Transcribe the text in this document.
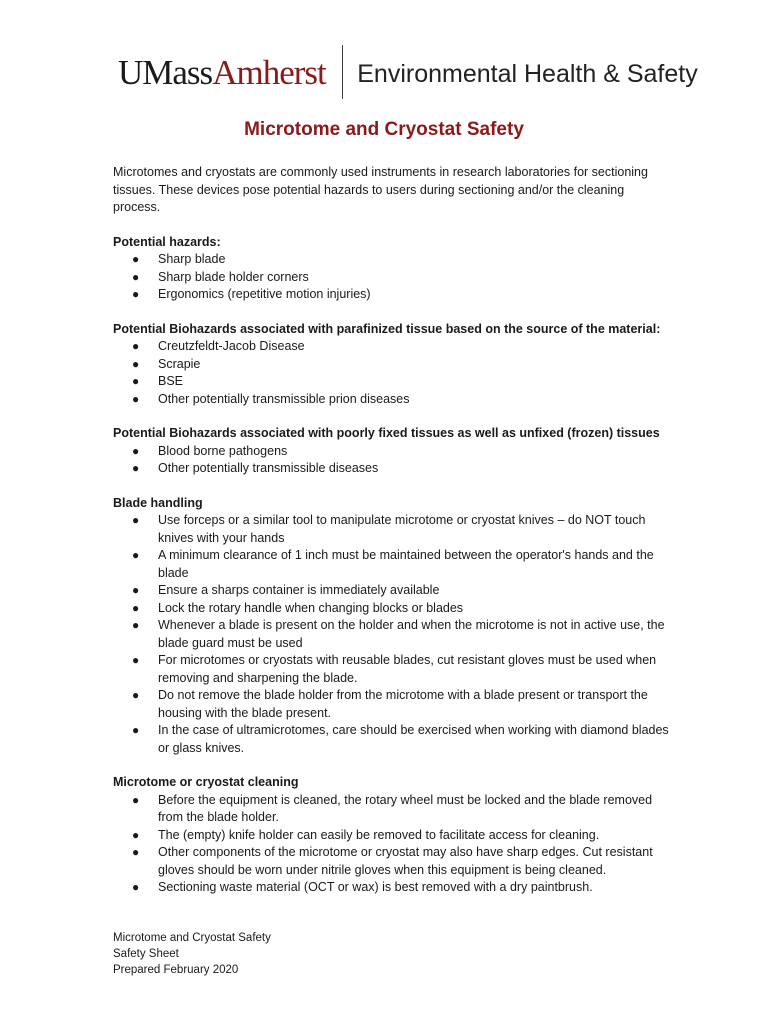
UMassAmherst Environmental Health & Safety
Microtome and Cryostat Safety

Microtomes and cryostats are commonly used instruments in research laboratories for sectioning tissues. These devices pose potential hazards to users during sectioning and/or the cleaning process.

Potential hazards:

● Sharp blade
● Sharp blade holder corners
● Ergonomics (repetitive motion injuries)

Potential Biohazards associated with parafinized tissue based on the source of the material:

● Creutzfeldt-Jacob Disease
● Scrapie
● BSE
● Other potentially transmissible prion diseases

Potential Biohazards associated with poorly fixed tissues as well as unfixed (frozen) tissues

● Blood borne pathogens
● Other potentially transmissible diseases

Blade handling

● Use forceps or a similar tool to manipulate microtome or cryostat knives – do NOT touch knives with your hands
● A minimum clearance of 1 inch must be maintained between the operator's hands and the blade
● Ensure a sharps container is immediately available
● Lock the rotary handle when changing blocks or blades
● Whenever a blade is present on the holder and when the microtome is not in active use, the blade guard must be used
● For microtomes or cryostats with reusable blades, cut resistant gloves must be used when removing and sharpening the blade.
● Do not remove the blade holder from the microtome with a blade present or transport the housing with the blade present.
● In the case of ultramicrotomes, care should be exercised when working with diamond blades or glass knives.

Microtome or cryostat cleaning

● Before the equipment is cleaned, the rotary wheel must be locked and the blade removed from the blade holder.
● The (empty) knife holder can easily be removed to facilitate access for cleaning.
● Other components of the microtome or cryostat may also have sharp edges. Cut resistant gloves should be worn under nitrile gloves when this equipment is being cleaned.
● Sectioning waste material (OCT or wax) is best removed with a dry paintbrush.
Microtome and Cryostat Safety
Safety Sheet
Prepared February 2020
